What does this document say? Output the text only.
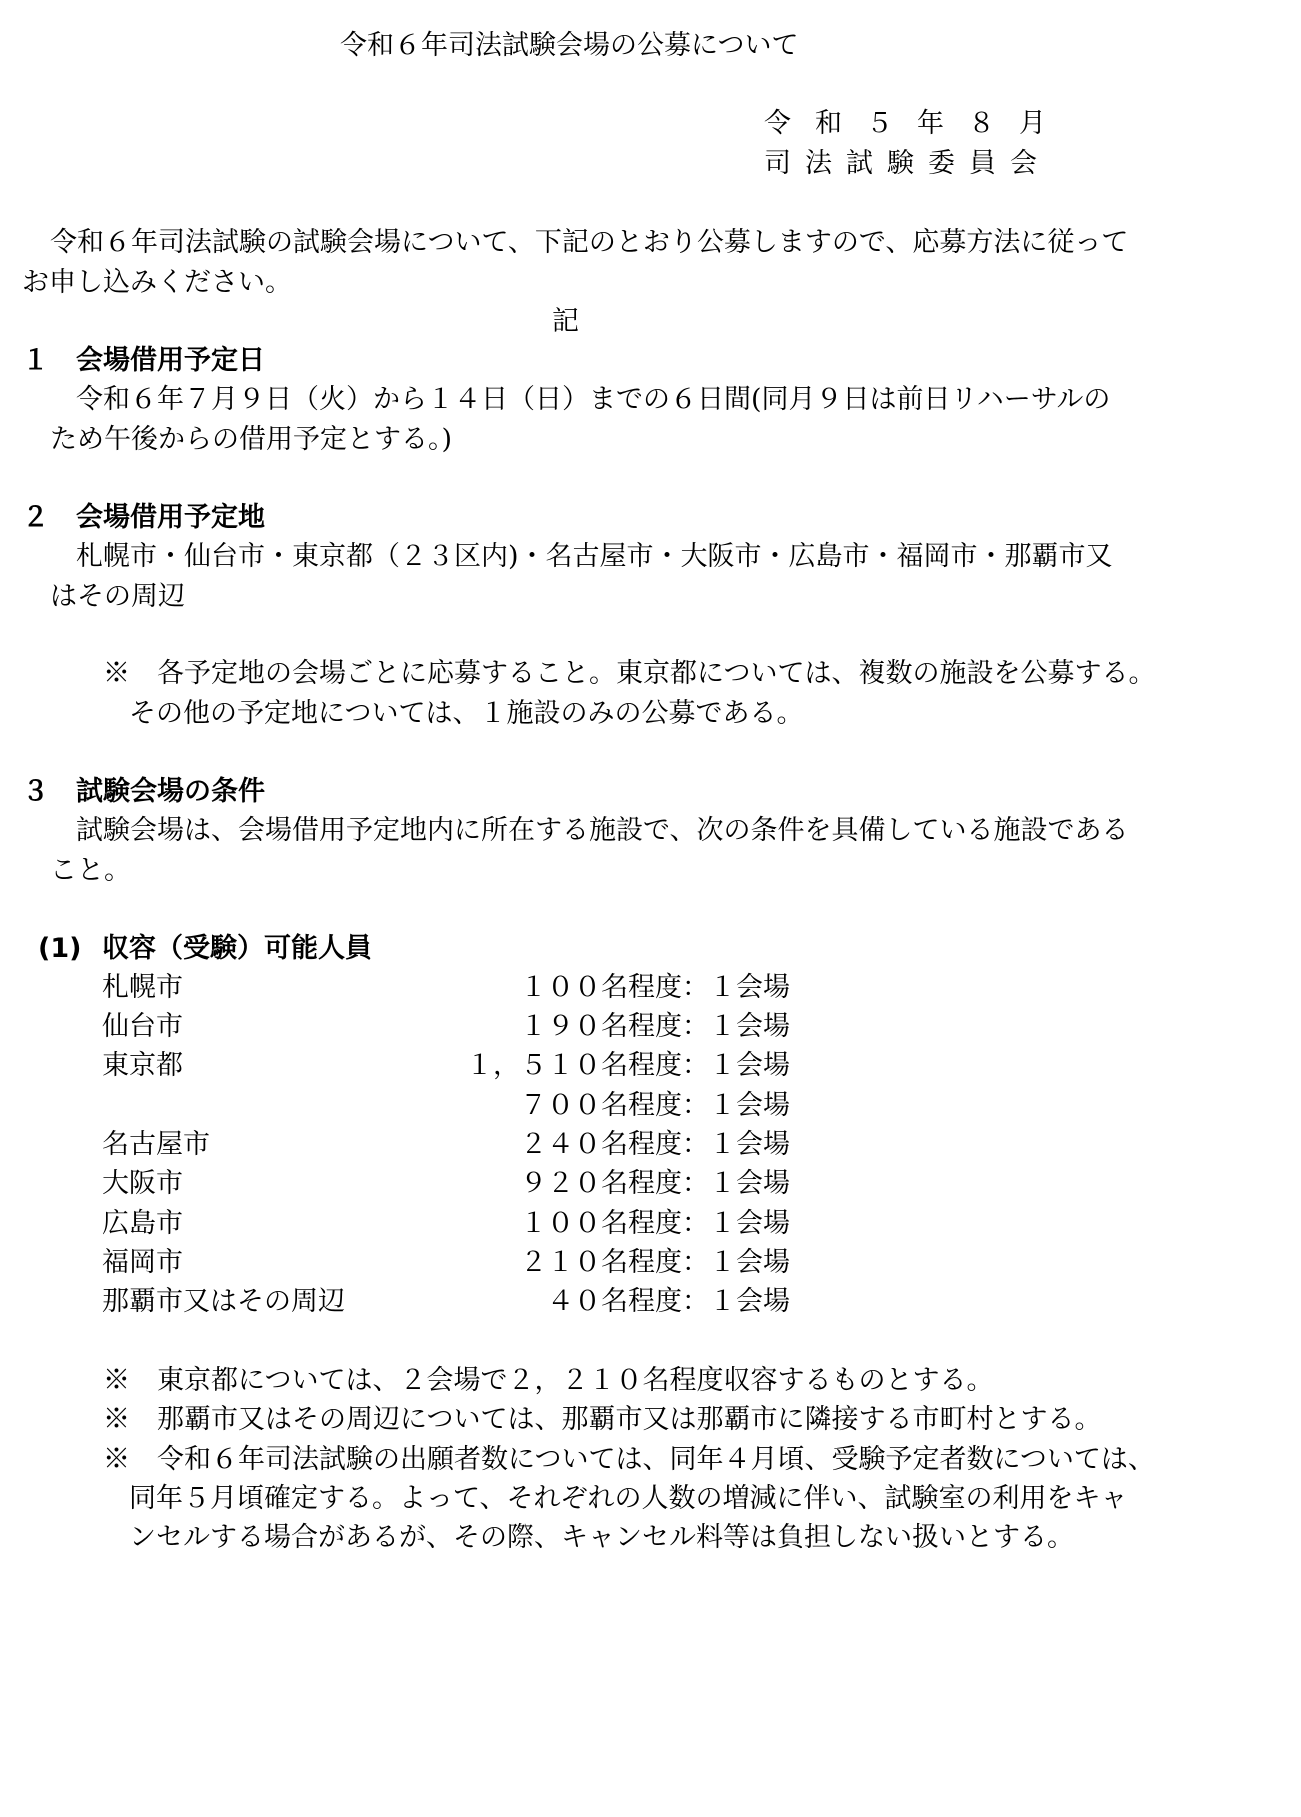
令和６年司法試験会場の公募について
令和５年８月
司法試験委員会
令和６年司法試験の試験会場について、下記のとおり公募しますので、応募方法に従って
お申し込みください。
記
１　会場借用予定日
令和６年７月９日（火）から１４日（日）までの６日間(同月９日は前日リハーサルの
ため午後からの借用予定とする。)
２　会場借用予定地
札幌市・仙台市・東京都（２３区内)・名古屋市・大阪市・広島市・福岡市・那覇市又
はその周辺
※　各予定地の会場ごとに応募すること。東京都については、複数の施設を公募する。
その他の予定地については、１施設のみの公募である。
３　試験会場の条件
試験会場は、会場借用予定地内に所在する施設で、次の条件を具備している施設である
こと。
(1) 収容（受験）可能人員
札幌市	１００名程度：１会場
仙台市	１９０名程度：１会場
東京都	１，５１０名程度：１会場
７００名程度：１会場
名古屋市	２４０名程度：１会場
大阪市	９２０名程度：１会場
広島市	１００名程度：１会場
福岡市	２１０名程度：１会場
那覇市又はその周辺	４０名程度：１会場
※　東京都については、２会場で２，２１０名程度収容するものとする。
※　那覇市又はその周辺については、那覇市又は那覇市に隣接する市町村とする。
※　令和６年司法試験の出願者数については、同年４月頃、受験予定者数については、
同年５月頃確定する。よって、それぞれの人数の増減に伴い、試験室の利用をキャ
ンセルする場合があるが、その際、キャンセル料等は負担しない扱いとする。
